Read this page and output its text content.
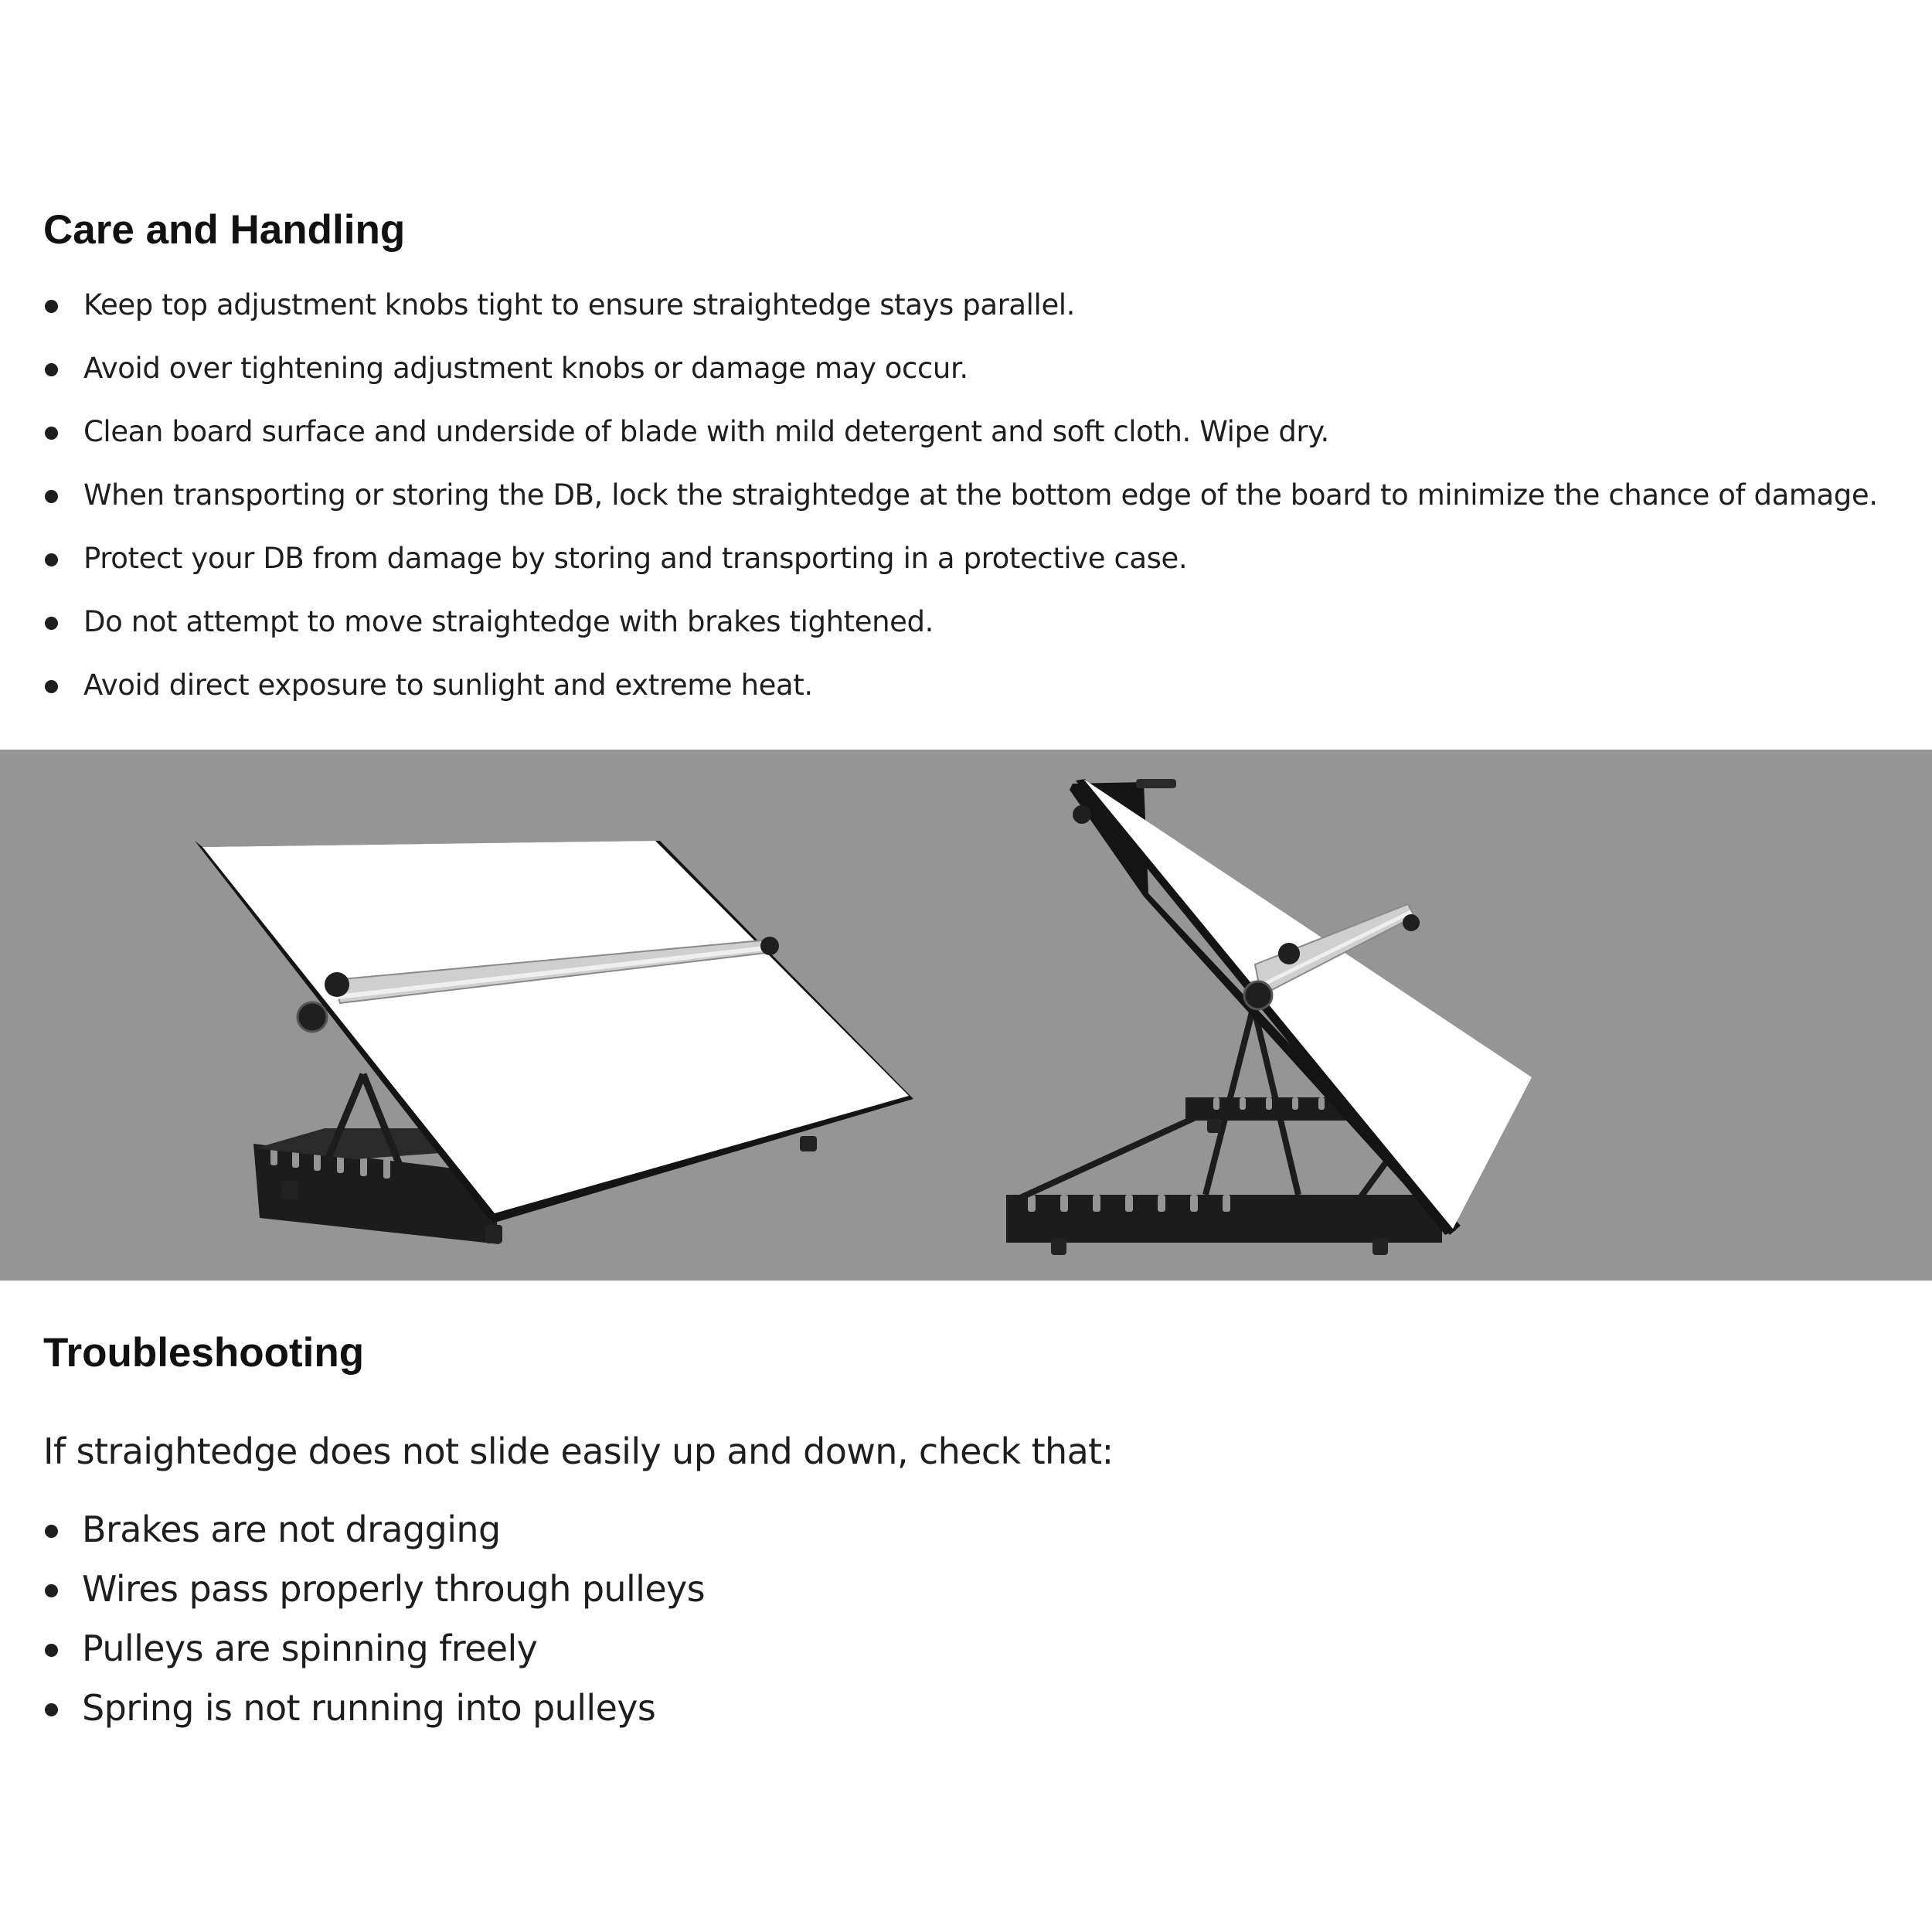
Care and Handling
Keep top adjustment knobs tight to ensure straightedge stays parallel.
Avoid over tightening adjustment knobs or damage may occur.
Clean board surface and underside of blade with mild detergent and soft cloth. Wipe dry.
When transporting or storing the DB, lock the straightedge at the bottom edge of the board to minimize the chance of damage.
Protect your DB from damage by storing and transporting in a protective case.
Do not attempt to move straightedge with brakes tightened.
Avoid direct exposure to sunlight and extreme heat.
Troubleshooting

If straightedge does not slide easily up and down, check that:

Brakes are not dragging
Wires pass properly through pulleys
Pulleys are spinning freely
Spring is not running into pulleys
